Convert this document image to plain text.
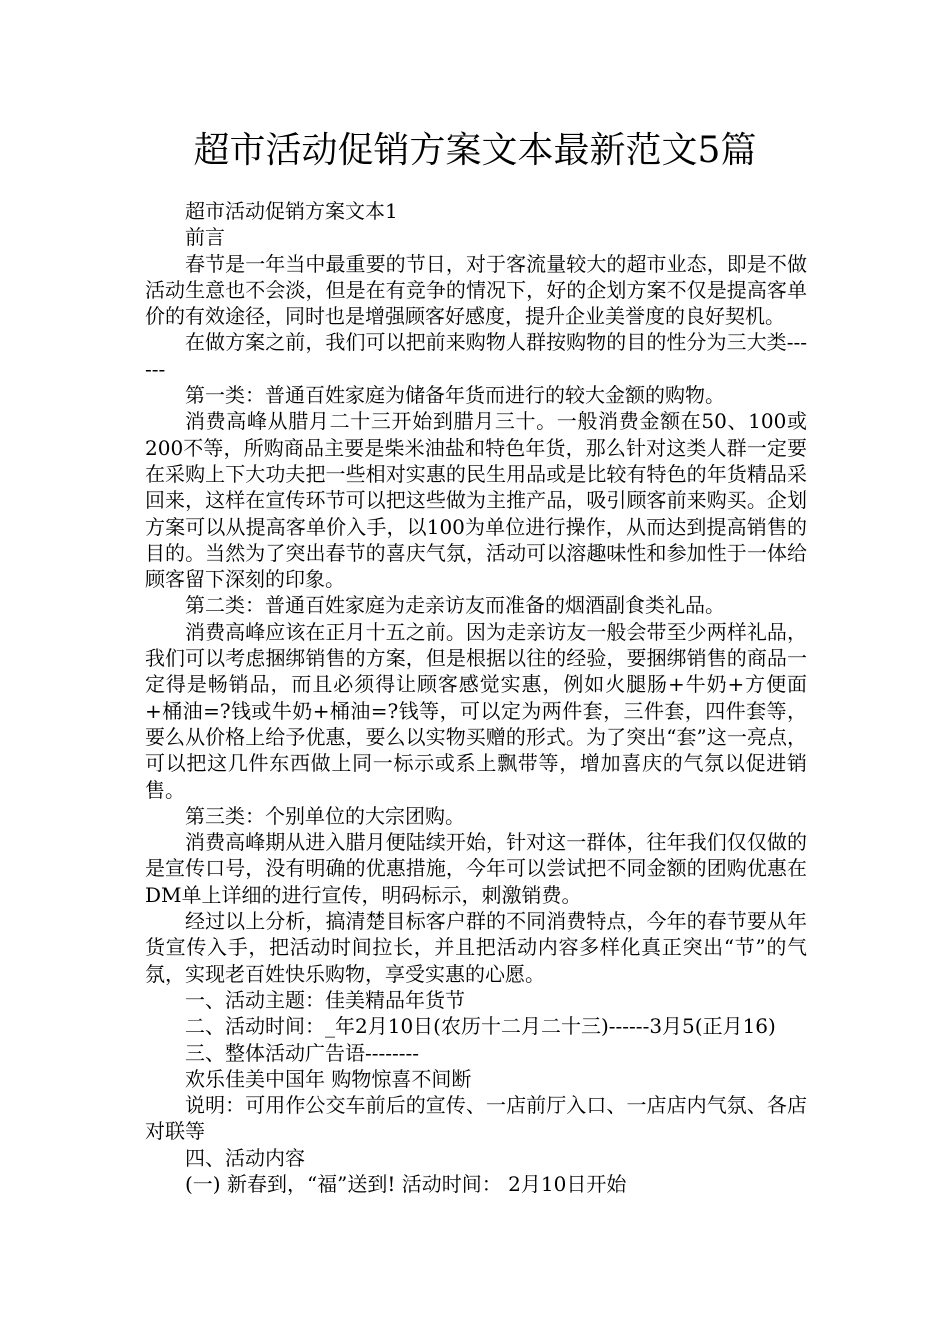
超市活动促销方案文本最新范文5篇

超市活动促销方案文本1

前言

春节是一年当中最重要的节日，对于客流量较大的超市业态，即是不做活动生意也不会淡，但是在有竞争的情况下，好的企划方案不仅是提高客单价的有效途径，同时也是增强顾客好感度，提升企业美誉度的良好契机。

在做方案之前，我们可以把前来购物人群按购物的目的性分为三大类------

第一类：普通百姓家庭为储备年货而进行的较大金额的购物。

消费高峰从腊月二十三开始到腊月三十。一般消费金额在50、100或200不等，所购商品主要是柴米油盐和特色年货，那么针对这类人群一定要在采购上下大功夫把一些相对实惠的民生用品或是比较有特色的年货精品采回来，这样在宣传环节可以把这些做为主推产品，吸引顾客前来购买。企划方案可以从提高客单价入手，以100为单位进行操作，从而达到提高销售的目的。当然为了突出春节的喜庆气氛，活动可以溶趣味性和参加性于一体给顾客留下深刻的印象。

第二类：普通百姓家庭为走亲访友而准备的烟酒副食类礼品。

消费高峰应该在正月十五之前。因为走亲访友一般会带至少两样礼品，我们可以考虑捆绑销售的方案，但是根据以往的经验，要捆绑销售的商品一定得是畅销品，而且必须得让顾客感觉实惠，例如火腿肠+牛奶+方便面+桶油=?钱或牛奶+桶油=?钱等，可以定为两件套，三件套，四件套等，要么从价格上给予优惠，要么以实物买赠的形式。为了突出“套”这一亮点，可以把这几件东西做上同一标示或系上飘带等，增加喜庆的气氛以促进销售。

第三类：个别单位的大宗团购。

消费高峰期从进入腊月便陆续开始，针对这一群体，往年我们仅仅做的是宣传口号，没有明确的优惠措施，今年可以尝试把不同金额的团购优惠在DM单上详细的进行宣传，明码标示，刺激销费。

经过以上分析，搞清楚目标客户群的不同消费特点，今年的春节要从年货宣传入手，把活动时间拉长，并且把活动内容多样化真正突出“节”的气氛，实现老百姓快乐购物，享受实惠的心愿。

一、活动主题：佳美精品年货节

二、活动时间：_年2月10日(农历十二月二十三)------3月5(正月16)

三、整体活动广告语--------

欢乐佳美中国年 购物惊喜不间断

说明：可用作公交车前后的宣传、一店前厅入口、一店店内气氛、各店对联等

四、活动内容

(一) 新春到，“福”送到! 活动时间： 2月10日开始
